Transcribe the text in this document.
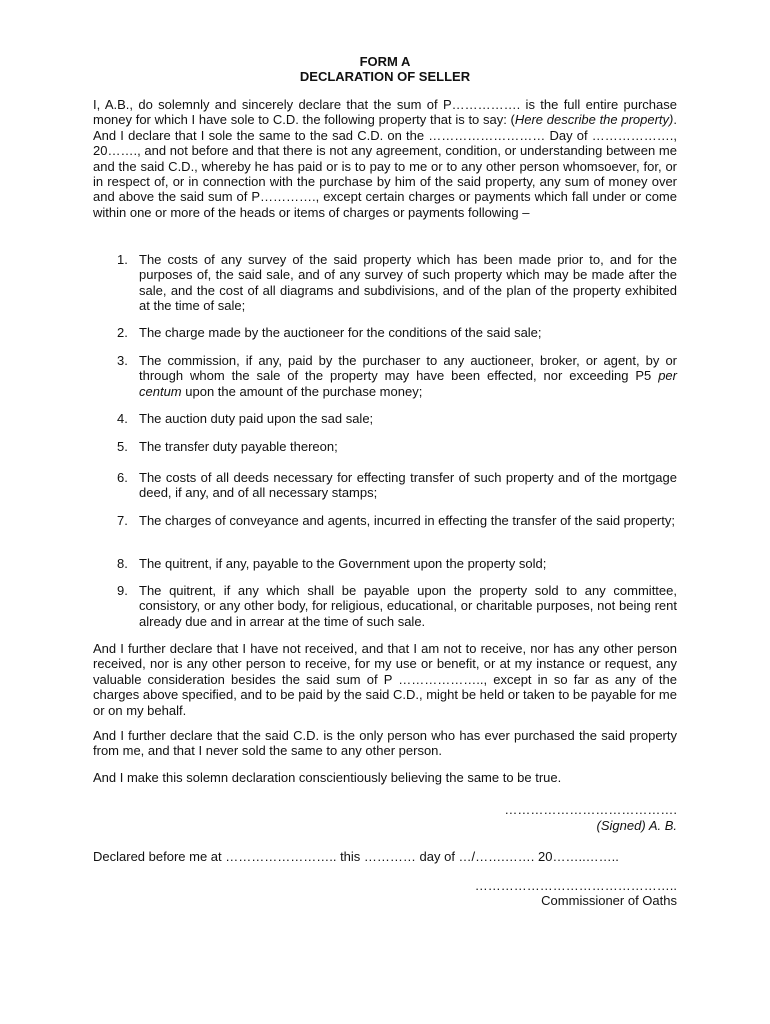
FORM A
DECLARATION OF SELLER
I, A.B., do solemnly and sincerely declare that the sum of P……………. is the full entire purchase money for which I have sole to C.D. the following property that is to say: (Here describe the property). And I declare that I sole the same to the sad C.D. on the ……………………… Day of ………………., 20……., and not before and that there is not any agreement, condition, or understanding between me and the said C.D., whereby he has paid or is to pay to me or to any other person whomsoever, for, or in respect of, or in connection with the purchase by him of the said property, any sum of money over and above the said sum of P…………., except certain charges or payments which fall under or come within one or more of the heads or items of charges or payments following –
1. The costs of any survey of the said property which has been made prior to, and for the purposes of, the said sale, and of any survey of such property which may be made after the sale, and the cost of all diagrams and subdivisions, and of the plan of the property exhibited at the time of sale;
2. The charge made by the auctioneer for the conditions of the said sale;
3. The commission, if any, paid by the purchaser to any auctioneer, broker, or agent, by or through whom the sale of the property may have been effected, nor exceeding P5 per centum upon the amount of the purchase money;
4. The auction duty paid upon the sad sale;
5. The transfer duty payable thereon;
6. The costs of all deeds necessary for effecting transfer of such property and of the mortgage deed, if any, and of all necessary stamps;
7. The charges of conveyance and agents, incurred in effecting the transfer of the said property;
8. The quitrent, if any, payable to the Government upon the property sold;
9. The quitrent, if any which shall be payable upon the property sold to any committee, consistory, or any other body, for religious, educational, or charitable purposes, not being rent already due and in arrear at the time of such sale.
And I further declare that I have not received, and that I am not to receive, nor has any other person received, nor is any other person to receive, for my use or benefit, or at my instance or request, any valuable consideration besides the said sum of P ……………….., except in so far as any of the charges above specified, and to be paid by the said C.D., might be held or taken to be payable for me or on my behalf.
And I further declare that the said C.D. is the only person who has ever purchased the said property from me, and that I never sold the same to any other person.
And I make this solemn declaration conscientiously believing the same to be true.
………………………………….
(Signed) A. B.
Declared before me at …………………….. this ………… day of …/…….……. 20……..……..
………………………………………..
Commissioner of Oaths
